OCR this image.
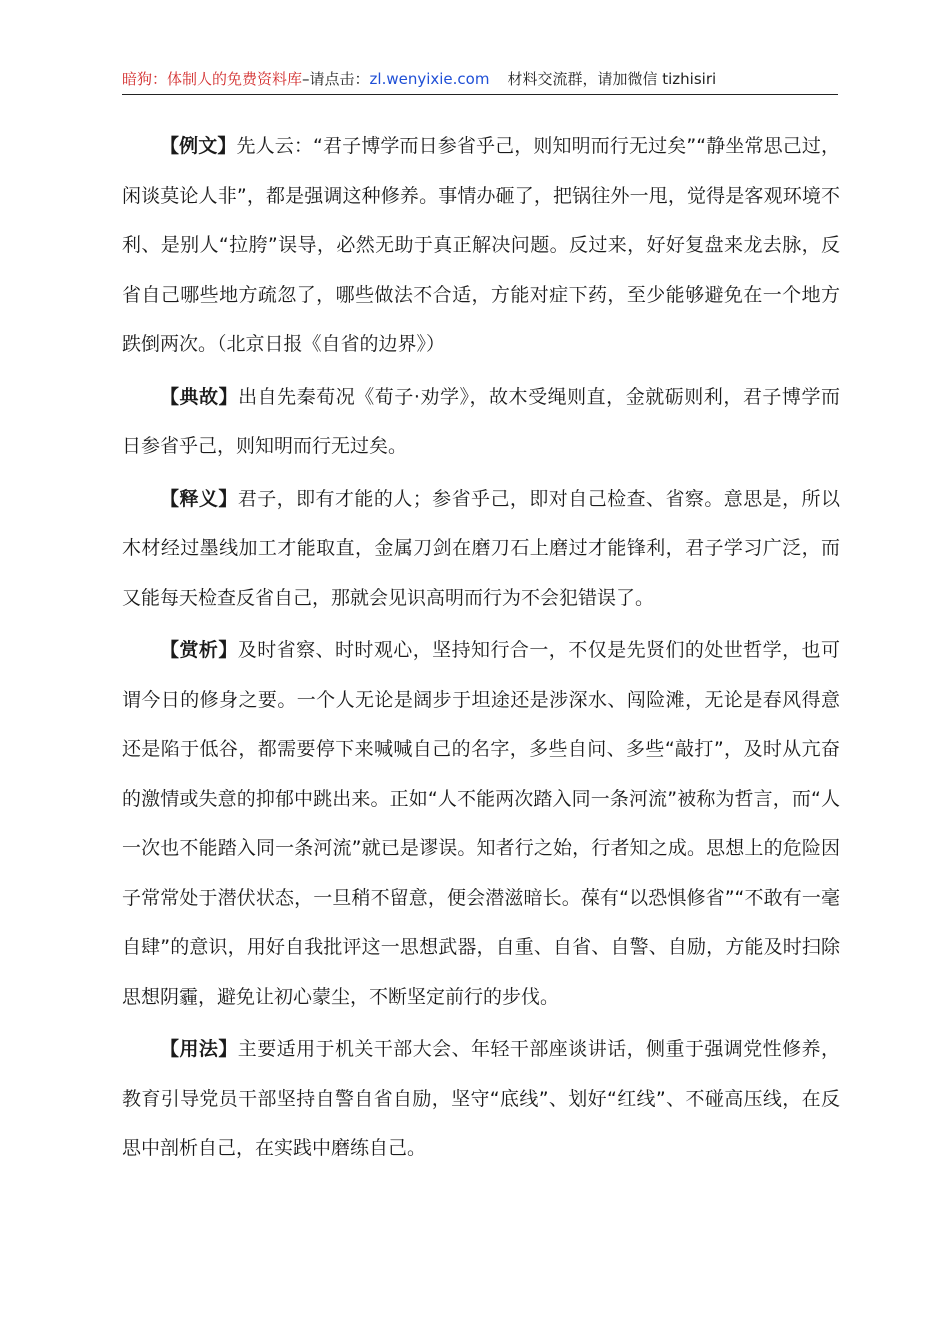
暗狗：体制人的免费资料库–请点击：zl.wenyixie.com 材料交流群，请加微信 tizhisiri

【例文】先人云：“君子博学而日参省乎己，则知明而行无过矣”“静坐常思己过，闲谈莫论人非”，都是强调这种修养。事情办砸了，把锅往外一甩，觉得是客观环境不利、是别人“拉胯”误导，必然无助于真正解决问题。反过来，好好复盘来龙去脉，反省自己哪些地方疏忽了，哪些做法不合适，方能对症下药，至少能够避免在一个地方跌倒两次。（北京日报《自省的边界》）

【典故】出自先秦荀况《荀子·劝学》，故木受绳则直，金就砺则利，君子博学而日参省乎己，则知明而行无过矣。

【释义】君子，即有才能的人；参省乎己，即对自己检查、省察。意思是，所以木材经过墨线加工才能取直，金属刀剑在磨刀石上磨过才能锋利，君子学习广泛，而又能每天检查反省自己，那就会见识高明而行为不会犯错误了。

【赏析】及时省察、时时观心，坚持知行合一，不仅是先贤们的处世哲学，也可谓今日的修身之要。一个人无论是阔步于坦途还是涉深水、闯险滩，无论是春风得意还是陷于低谷，都需要停下来喊喊自己的名字，多些自问、多些“敲打”，及时从亢奋的激情或失意的抑郁中跳出来。正如“人不能两次踏入同一条河流”被称为哲言，而“人一次也不能踏入同一条河流”就已是谬误。知者行之始，行者知之成。思想上的危险因子常常处于潜伏状态，一旦稍不留意，便会潜滋暗长。葆有“以恐惧修省”“不敢有一毫自肆”的意识，用好自我批评这一思想武器，自重、自省、自警、自励，方能及时扫除思想阴霾，避免让初心蒙尘，不断坚定前行的步伐。

【用法】主要适用于机关干部大会、年轻干部座谈讲话，侧重于强调党性修养，教育引导党员干部坚持自警自省自励，坚守“底线”、划好“红线”、不碰高压线，在反思中剖析自己，在实践中磨练自己。
